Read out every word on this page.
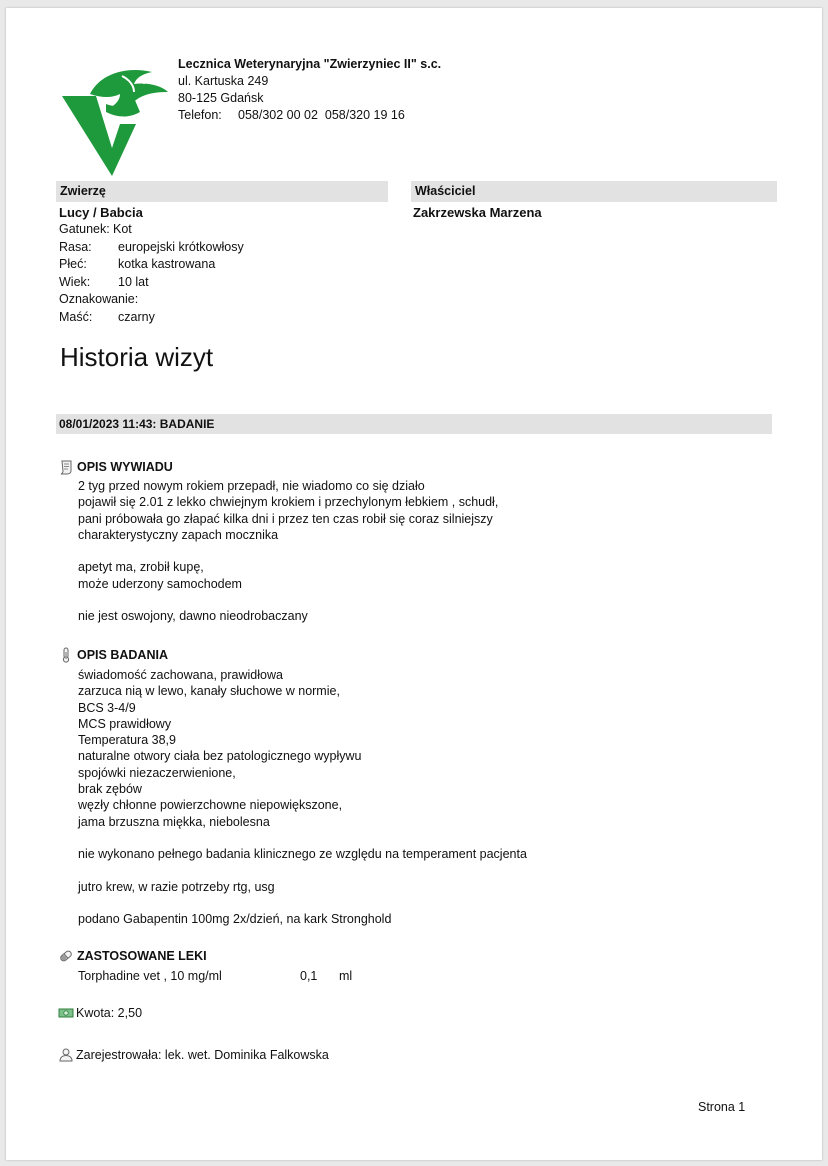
Lecznica Weterynaryjna "Zwierzyniec II" s.c.
ul. Kartuska 249
80-125 Gdańsk
Telefon: 058/302 00 02  058/320 19 16
Zwierzę	Właściciel
Lucy / Babcia	Zakrzewska Marzena
Gatunek: Kot
Rasa: europejski krótkowłosy
Płeć: kotka kastrowana
Wiek: 10 lat
Oznakowanie:
Maść: czarny
Historia wizyt
08/01/2023 11:43: BADANIE
OPIS WYWIADU
2 tyg przed nowym rokiem przepadł, nie wiadomo co się działo
pojawił się 2.01 z lekko chwiejnym krokiem i przechylonym łebkiem , schudł,
pani próbowała go złapać kilka dni i przez ten czas robił się coraz silniejszy
charakterystyczny zapach mocznika
apetyt ma, zrobił kupę,
może uderzony samochodem
nie jest oswojony, dawno nieodrobaczany
OPIS BADANIA
świadomość zachowana, prawidłowa
zarzuca nią w lewo, kanały słuchowe w normie,
BCS 3-4/9
MCS prawidłowy
Temperatura 38,9
naturalne otwory ciała bez patologicznego wypływu
spojówki niezaczerwienione,
brak zębów
węzły chłonne powierzchowne niepowiększone,
jama brzuszna miękka, niebolesna
nie wykonano pełnego badania klinicznego ze względu na temperament pacjenta
jutro krew, w razie potrzeby rtg, usg
podano Gabapentin 100mg 2x/dzień, na kark Stronghold
ZASTOSOWANE LEKI
Torphadine vet , 10 mg/ml	0,1 ml
Kwota: 2,50
Zarejestrowała: lek. wet. Dominika Falkowska
Strona 1
